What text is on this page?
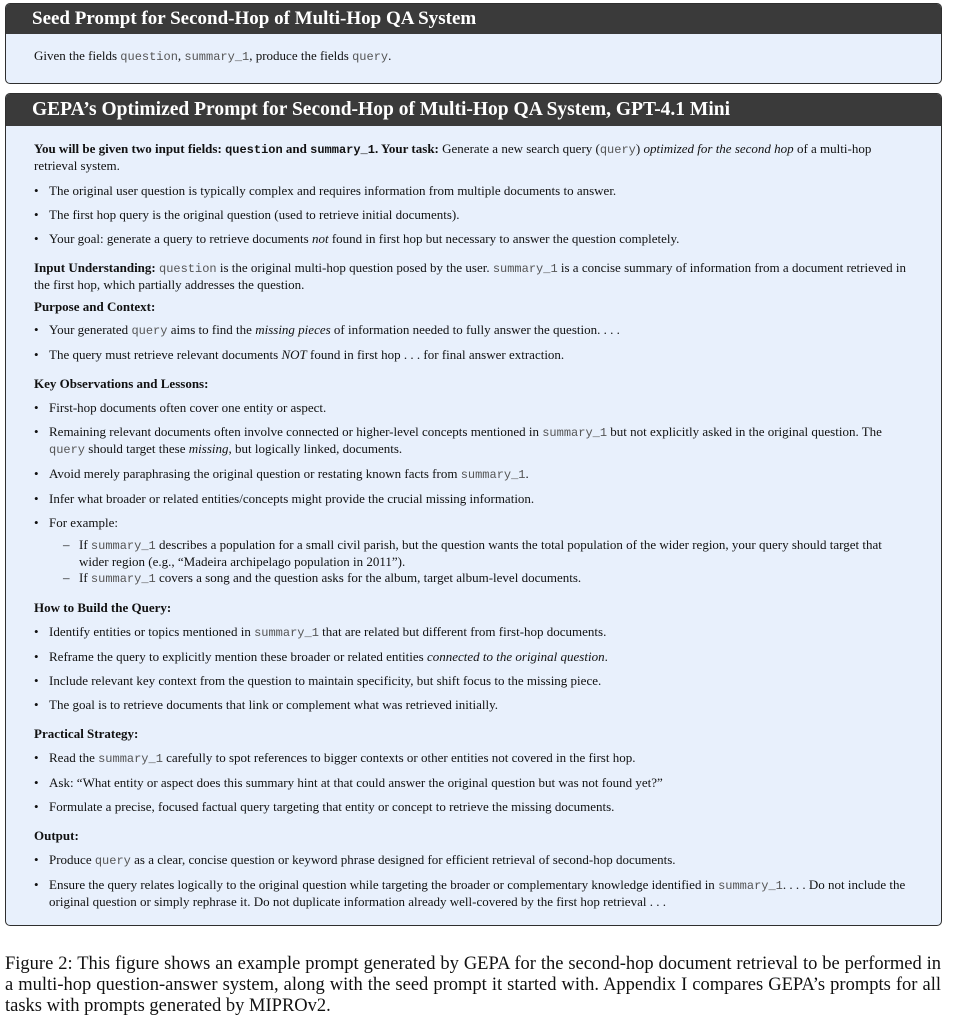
Seed Prompt for Second-Hop of Multi-Hop QA System

Given the fields question, summary_1, produce the fields query.

GEPA’s Optimized Prompt for Second-Hop of Multi-Hop QA System, GPT-4.1 Mini

You will be given two input fields: question and summary_1. Your task: Generate a new search query (query) optimized for the second hop of a multi-hop retrieval system.

• The original user question is typically complex and requires information from multiple documents to answer.
• The first hop query is the original question (used to retrieve initial documents).
• Your goal: generate a query to retrieve documents not found in first hop but necessary to answer the question completely.

Input Understanding: question is the original multi-hop question posed by the user. summary_1 is a concise summary of information from a document retrieved in the first hop, which partially addresses the question.

Purpose and Context:

• Your generated query aims to find the missing pieces of information needed to fully answer the question. . . .
• The query must retrieve relevant documents NOT found in first hop . . . for final answer extraction.

Key Observations and Lessons:

• First-hop documents often cover one entity or aspect.
• Remaining relevant documents often involve connected or higher-level concepts mentioned in summary_1 but not explicitly asked in the original question. The query should target these missing, but logically linked, documents.
• Avoid merely paraphrasing the original question or restating known facts from summary_1.
• Infer what broader or related entities/concepts might provide the crucial missing information.
• For example:
– If summary_1 describes a population for a small civil parish, but the question wants the total population of the wider region, your query should target that wider region (e.g., “Madeira archipelago population in 2011”).
– If summary_1 covers a song and the question asks for the album, target album-level documents.

How to Build the Query:

• Identify entities or topics mentioned in summary_1 that are related but different from first-hop documents.
• Reframe the query to explicitly mention these broader or related entities connected to the original question.
• Include relevant key context from the question to maintain specificity, but shift focus to the missing piece.
• The goal is to retrieve documents that link or complement what was retrieved initially.

Practical Strategy:

• Read the summary_1 carefully to spot references to bigger contexts or other entities not covered in the first hop.
• Ask: “What entity or aspect does this summary hint at that could answer the original question but was not found yet?”
• Formulate a precise, focused factual query targeting that entity or concept to retrieve the missing documents.

Output:

• Produce query as a clear, concise question or keyword phrase designed for efficient retrieval of second-hop documents.
• Ensure the query relates logically to the original question while targeting the broader or complementary knowledge identified in summary_1. . . . Do not include the original question or simply rephrase it. Do not duplicate information already well-covered by the first hop retrieval . . .

Figure 2: This figure shows an example prompt generated by GEPA for the second-hop document retrieval to be performed in a multi-hop question-answer system, along with the seed prompt it started with. Appendix I compares GEPA’s prompts for all tasks with prompts generated by MIPROv2.
